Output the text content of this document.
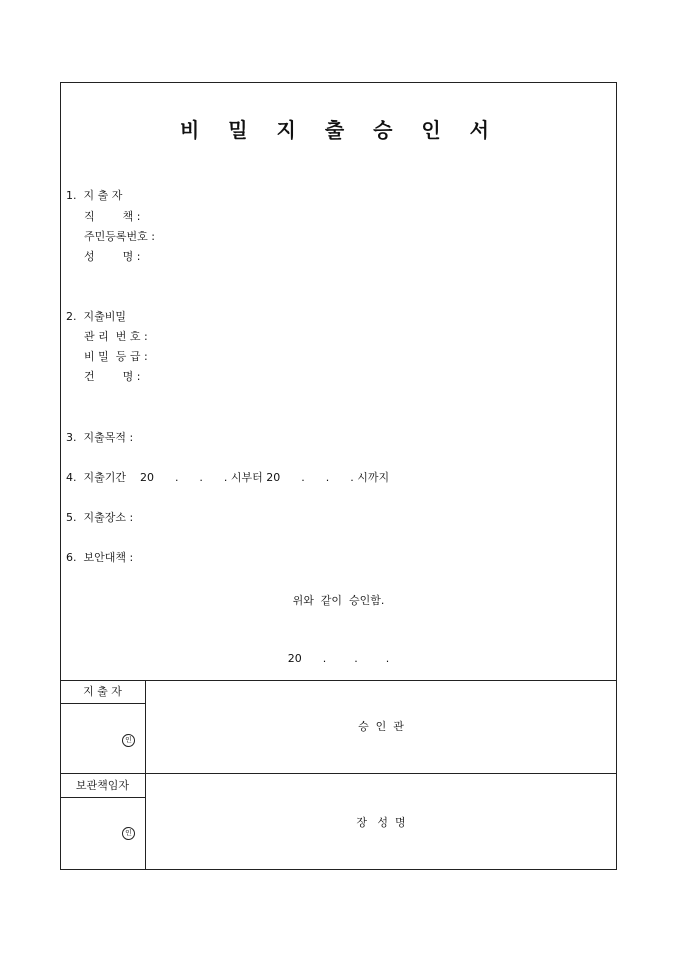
비 밀 지 출 승 인 서
1.  지 출 자
직        책 :
주민등록번호 :
성        명 :
2.  지출비밀
관 리  번 호 :
비 밀  등 급 :
건        명 :
3.  지출목적 :
4.  지출기간    20      .      .      . 시부터 20      .      .      . 시까지
5.  지출장소 :
6.  보안대책 :
위와  같이  승인함.
20      .        .        .
지 출 자
인
승  인  관
보관책임자
인
장   성  명
